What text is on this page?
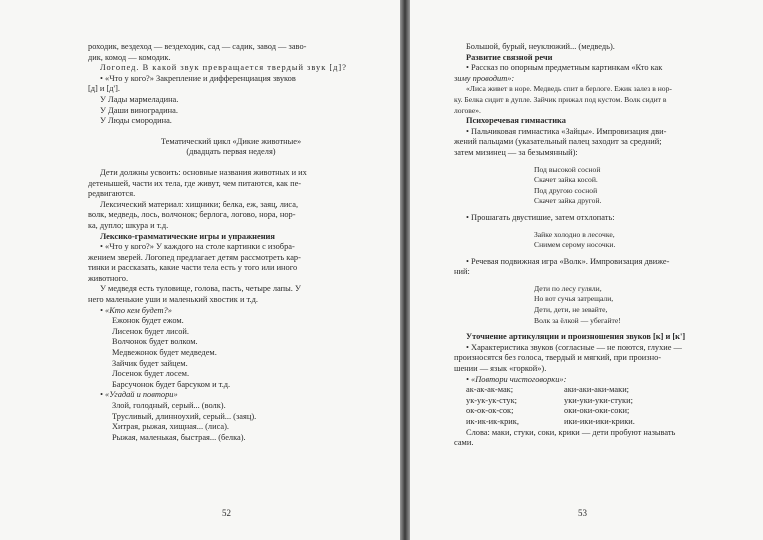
роходик, вездеход — вездеходик, сад — садик, завод — заво-

дик, комод — комодик.

Логопед. В какой звук превращается твердый звук [д]?

• «Что у кого?» Закрепление и дифференциация звуков

[д] и [д'].

У Лады мармеладина.

У Даши виноградина.

У Люды смородина.

Тематический цикл «Дикие животные»

(двадцать первая неделя)

Дети должны усвоить: основные названия животных и их

детенышей, части их тела, где живут, чем питаются, как пе-

редвигаются.

Лексический материал: хищники; белка, еж, заяц, лиса,

волк, медведь, лось, волчонок; берлога, логово, нора, нор-

ка, дупло; шкура и т.д.

Лексико-грамматические игры и упражнения

• «Что у кого?» У каждого на столе картинки с изобра-

жением зверей. Логопед предлагает детям рассмотреть кар-

тинки и рассказать, какие части тела есть у того или иного

животного.

У медведя есть туловище, голова, пасть, четыре лапы. У

него маленькие уши и маленький хвостик и т.д.

• «Кто кем будет?»

Ежонок будет ежом.

Лисенок будет лисой.

Волчонок будет волком.

Медвежонок будет медведем.

Зайчик будет зайцем.

Лосенок будет лосем.

Барсучонок будет барсуком и т.д.

• «Угадай и повтори»

Злой, голодный, серый... (волк).

Трусливый, длинноухий, серый... (заяц).

Хитрая, рыжая, хищная... (лиса).

Рыжая, маленькая, быстрая... (белка).

52

Большой, бурый, неуклюжий... (медведь).

Развитие связной речи

• Рассказ по опорным предметным картинкам «Кто как

зиму проводит»:

«Лиса живет в норе. Медведь спит в берлоге. Ежик залез в нор-

ку. Белка сидит в дупле. Зайчик прижал под кустом. Волк сидит в

логове».

Психоречевая гимнастика

• Пальчиковая гимнастика «Зайцы». Импровизация дви-

жений пальцами (указательный палец заходит за средний;

затем мизинец — за безымянный):

Под высокой сосной

Скачет зайка косой.

Под другою сосной

Скачет зайка другой.

• Прошагать двустишие, затем отхлопать:

Зайке холодно в лесочке,

Снимем серому носочки.

• Речевая подвижная игра «Волк». Импровизация движе-

ний:

Дети по лесу гуляли,

Но вот сучья затрещали,

Дети, дети, не зевайте,

Волк за ёлкой — убегайте!

Уточнение артикуляции и произношения звуков [к] и [к']

• Характеристика звуков (согласные — не поются, глухие —

произносятся без голоса, твердый и мягкий, при произно-

шении — язык «горкой»).

• «Повтори чистоговорки»:

ак-ак-ак-мак;	аки-аки-аки-маки;

ук-ук-ук-стук;	уки-уки-уки-стуки;

ок-ок-ок-сок;	оки-оки-оки-соки;

ик-ик-ик-крик,	ики-ики-ики-крики.

Слова: маки, стуки, соки, крики — дети пробуют называть

сами.

53
